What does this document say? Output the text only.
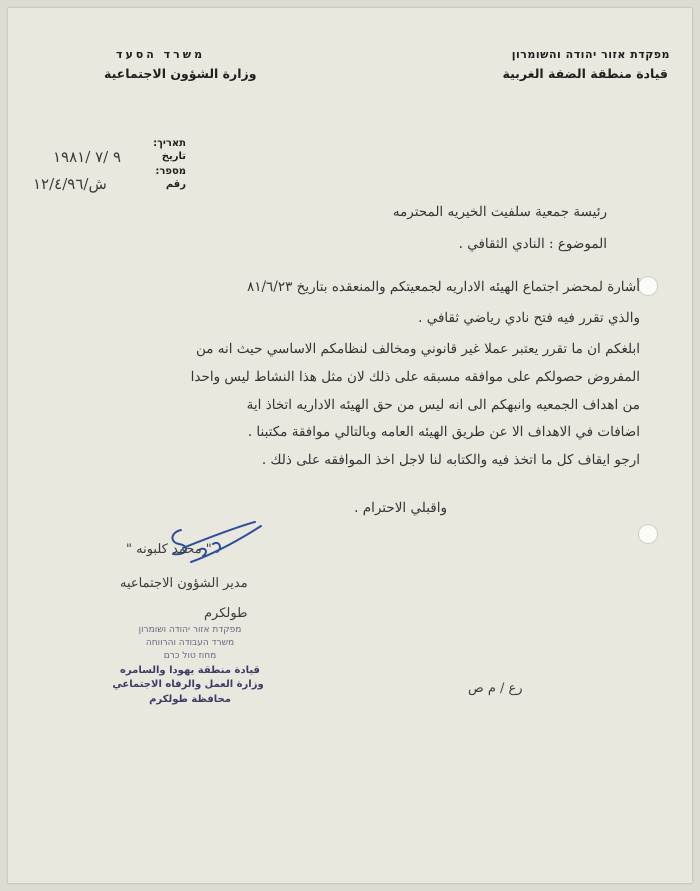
מפקדת אזור יהודה והשומרון
قيادة منطقة الضفة الغربية
משרד הסעד
وزارة الشؤون الاجتماعية
תאריך:
تاريخ
מספר:
رقم
٩ /٧ /١٩٨١
ش/١٢/٤/٩٦
رئيسة جمعية سلفيت الخيريه المحترمه
الموضوع : النادي الثقافي .
أشارة لمحضر اجتماع الهيئه الاداريه لجمعيتكم والمنعقده بتاريخ ٨١/٦/٢٣
والذي تقرر فيه فتح نادي رياضي ثقافي .
ابلغكم ان ما تقرر يعتبر عملا غير قانوني ومخالف لنظامكم الاساسي حيث انه من
المفروض حصولكم على موافقه مسبقه على ذلك لان مثل هذا النشاط ليس واحدا
من اهداف الجمعيه وانبهكم الى انه ليس من حق الهيئه الاداريه اتخاذ اية
اضافات في الاهداف الا عن طريق الهيئه العامه وبالتالي موافقة مكتبنا .
ارجو ايقاف كل ما اتخذ فيه والكتابه لنا لاجل اخذ الموافقه على ذلك .
واقبلي الاحترام .
" محمد كلبونه "
مدير الشؤون الاجتماعيه
طولكرم
מפקדת אזור יהודה ושומרון
משרד העבודה והרווחה
מחוז טול כרם
قيادة منطقة يهودا والسامره
وزارة العمل والرفاه الاجتماعي
محافظة طولكرم
رع / م ص
